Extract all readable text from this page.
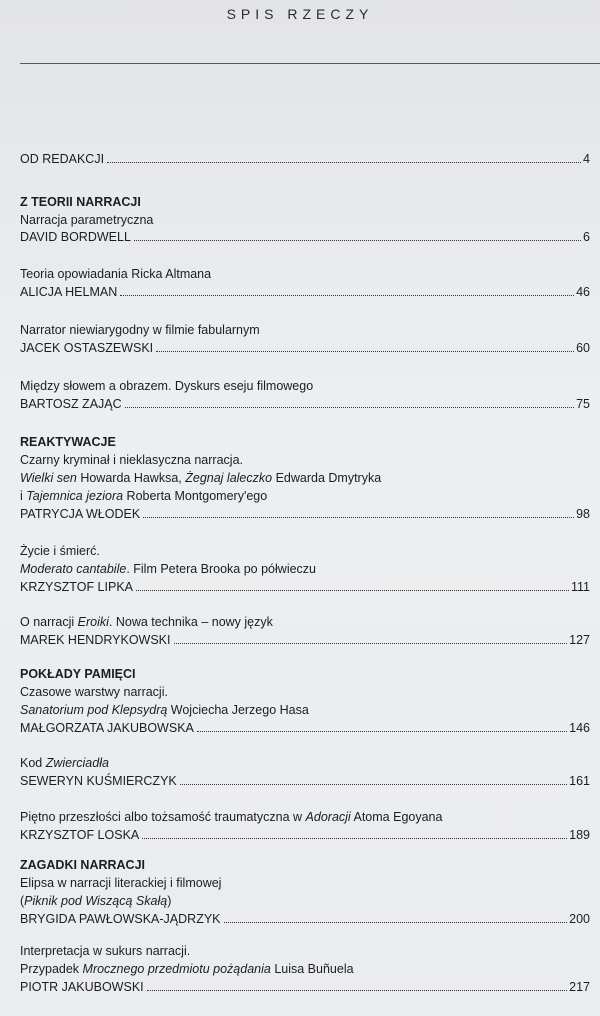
SPIS RZECZY
OD REDAKCJI	4
Z TEORII NARRACJI
Narracja parametryczna
DAVID BORDWELL	6
Teoria opowiadania Ricka Altmana
ALICJA HELMAN	46
Narrator niewiarygodny w filmie fabularnym
JACEK OSTASZEWSKI	60
Między słowem a obrazem. Dyskurs eseju filmowego
BARTOSZ ZAJĄC	75
REAKTYWACJE
Czarny kryminał i nieklasyczna narracja.
Wielki sen Howarda Hawksa, Żegnaj laleczko Edwarda Dmytryka
i Tajemnica jeziora Roberta Montgomery'ego
PATRYCJA WŁODEK	98
Życie i śmierć.
Moderato cantabile. Film Petera Brooka po półwieczu
KRZYSZTOF LIPKA	111
O narracji Eroiki. Nowa technika – nowy język
MAREK HENDRYKOWSKI	127
POKŁADY PAMIĘCI
Czasowe warstwy narracji.
Sanatorium pod Klepsydrą Wojciecha Jerzego Hasa
MAŁGORZATA JAKUBOWSKA	146
Kod Zwierciadła
SEWERYN KUŚMIERCZYK	161
Piętno przeszłości albo tożsamość traumatyczna w Adoracji Atoma Egoyana
KRZYSZTOF LOSKA	189
ZAGADKI NARRACJI
Elipsa w narracji literackiej i filmowej
(Piknik pod Wiszącą Skałą)
BRYGIDA PAWŁOWSKA-JĄDRZYK	200
Interpretacja w sukurs narracji.
Przypadek Mrocznego przedmiotu pożądania Luisa Buñuela
PIOTR JAKUBOWSKI	217
